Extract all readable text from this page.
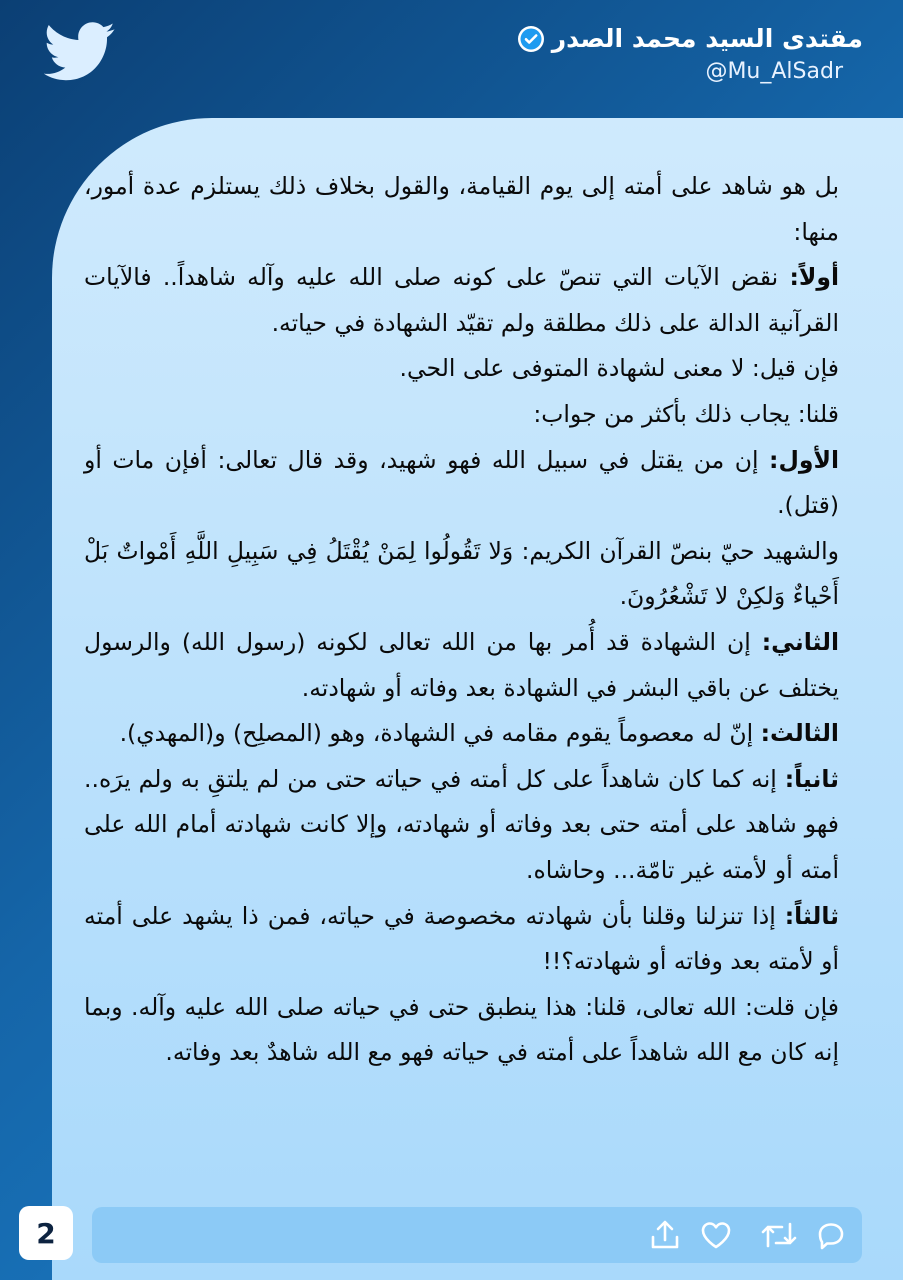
مقتدى السيد محمد الصدر
@Mu_AlSadr

بل هو شاهد على أمته إلى يوم القيامة، والقول بخلاف ذلك يستلزم عدة أمور، منها:

أولاً: نقض الآيات التي تنصّ على كونه صلى الله عليه وآله شاهداً.. فالآيات القرآنية الدالة على ذلك مطلقة ولم تقيّد الشهادة في حياته.

فإن قيل: لا معنى لشهادة المتوفى على الحي.

قلنا: يجاب ذلك بأكثر من جواب:

الأول: إن من يقتل في سبيل الله فهو شهيد، وقد قال تعالى: أفإن مات أو (قتل).

والشهيد حيّ بنصّ القرآن الكريم: وَلا تَقُولُوا لِمَنْ يُقْتَلُ فِي سَبِيلِ اللَّهِ أَمْواتٌ بَلْ أَحْياءٌ وَلكِنْ لا تَشْعُرُونَ.

الثاني: إن الشهادة قد أُمر بها من الله تعالى لكونه (رسول الله) والرسول يختلف عن باقي البشر في الشهادة بعد وفاته أو شهادته.

الثالث: إنّ له معصوماً يقوم مقامه في الشهادة، وهو (المصلِح) و(المهدي).

ثانياً: إنه كما كان شاهداً على كل أمته في حياته حتى من لم يلتقِ به ولم يرَه.. فهو شاهد على أمته حتى بعد وفاته أو شهادته، وإلا كانت شهادته أمام الله على أمته أو لأمته غير تامّة... وحاشاه.

ثالثاً: إذا تنزلنا وقلنا بأن شهادته مخصوصة في حياته، فمن ذا يشهد على أمته أو لأمته بعد وفاته أو شهادته؟!!

فإن قلت: الله تعالى، قلنا: هذا ينطبق حتى في حياته صلى الله عليه وآله. وبما إنه كان مع الله شاهداً على أمته في حياته فهو مع الله شاهدٌ بعد وفاته.

2
